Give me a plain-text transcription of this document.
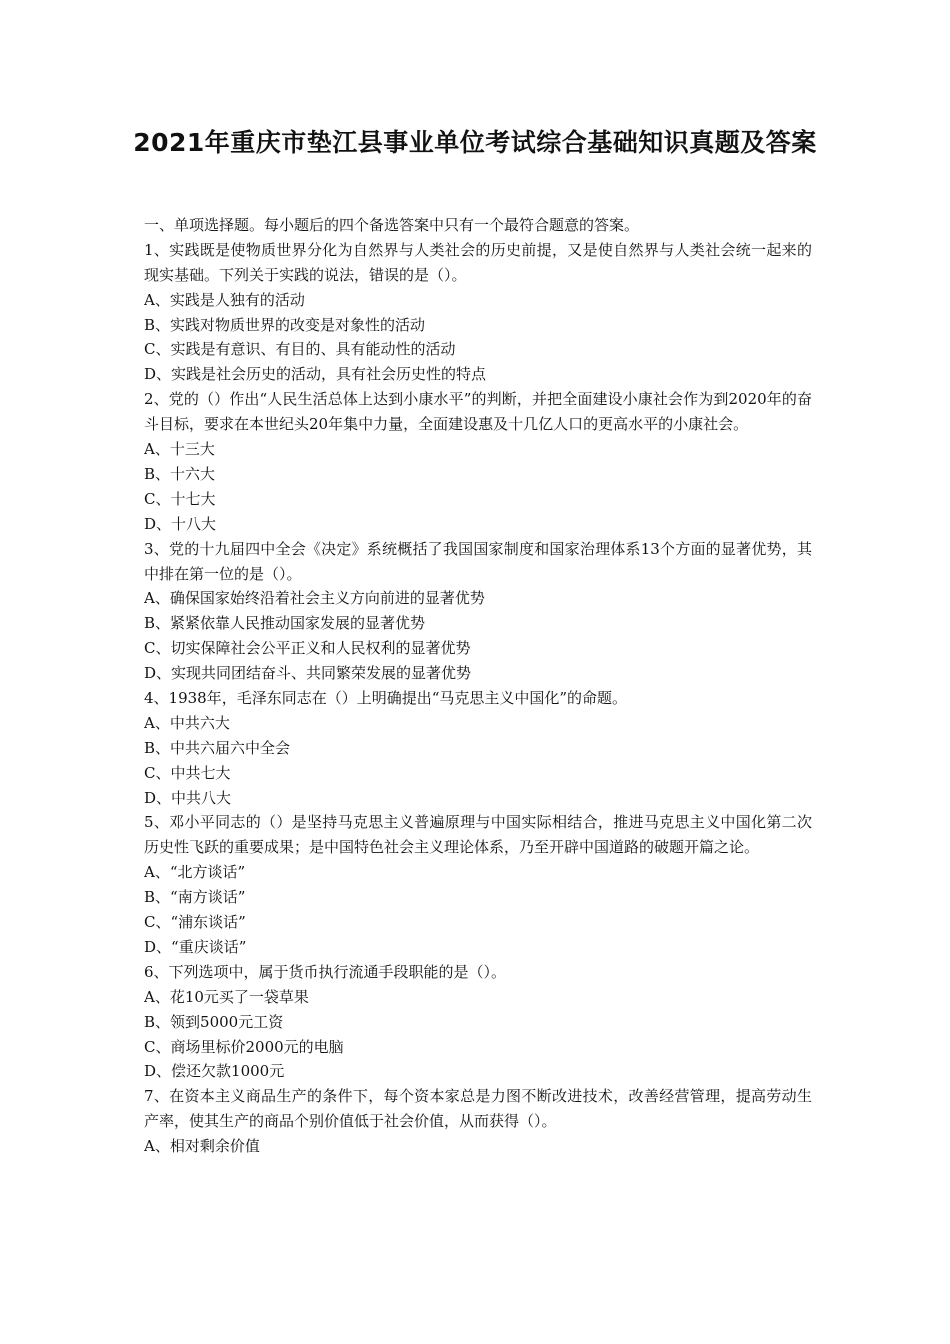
2021年重庆市垫江县事业单位考试综合基础知识真题及答案
一、单项选择题。每小题后的四个备选答案中只有一个最符合题意的答案。
1、实践既是使物质世界分化为自然界与人类社会的历史前提，又是使自然界与人类社会统一起来的现实基础。下列关于实践的说法，错误的是（）。
A、实践是人独有的活动
B、实践对物质世界的改变是对象性的活动
C、实践是有意识、有目的、具有能动性的活动
D、实践是社会历史的活动，具有社会历史性的特点
2、党的（）作出“人民生活总体上达到小康水平”的判断，并把全面建设小康社会作为到2020年的奋斗目标，要求在本世纪头20年集中力量，全面建设惠及十几亿人口的更高水平的小康社会。
A、十三大
B、十六大
C、十七大
D、十八大
3、党的十九届四中全会《决定》系统概括了我国国家制度和国家治理体系13个方面的显著优势，其中排在第一位的是（）。
A、确保国家始终沿着社会主义方向前进的显著优势
B、紧紧依靠人民推动国家发展的显著优势
C、切实保障社会公平正义和人民权利的显著优势
D、实现共同团结奋斗、共同繁荣发展的显著优势
4、1938年，毛泽东同志在（）上明确提出“马克思主义中国化”的命题。
A、中共六大
B、中共六届六中全会
C、中共七大
D、中共八大
5、邓小平同志的（）是坚持马克思主义普遍原理与中国实际相结合，推进马克思主义中国化第二次历史性飞跃的重要成果；是中国特色社会主义理论体系，乃至开辟中国道路的破题开篇之论。
A、“北方谈话”
B、“南方谈话”
C、“浦东谈话”
D、“重庆谈话”
6、下列选项中，属于货币执行流通手段职能的是（）。
A、花10元买了一袋草果
B、领到5000元工资
C、商场里标价2000元的电脑
D、偿还欠款1000元
7、在资本主义商品生产的条件下，每个资本家总是力图不断改进技术，改善经营管理，提高劳动生产率，使其生产的商品个别价值低于社会价值，从而获得（）。
A、相对剩余价值
